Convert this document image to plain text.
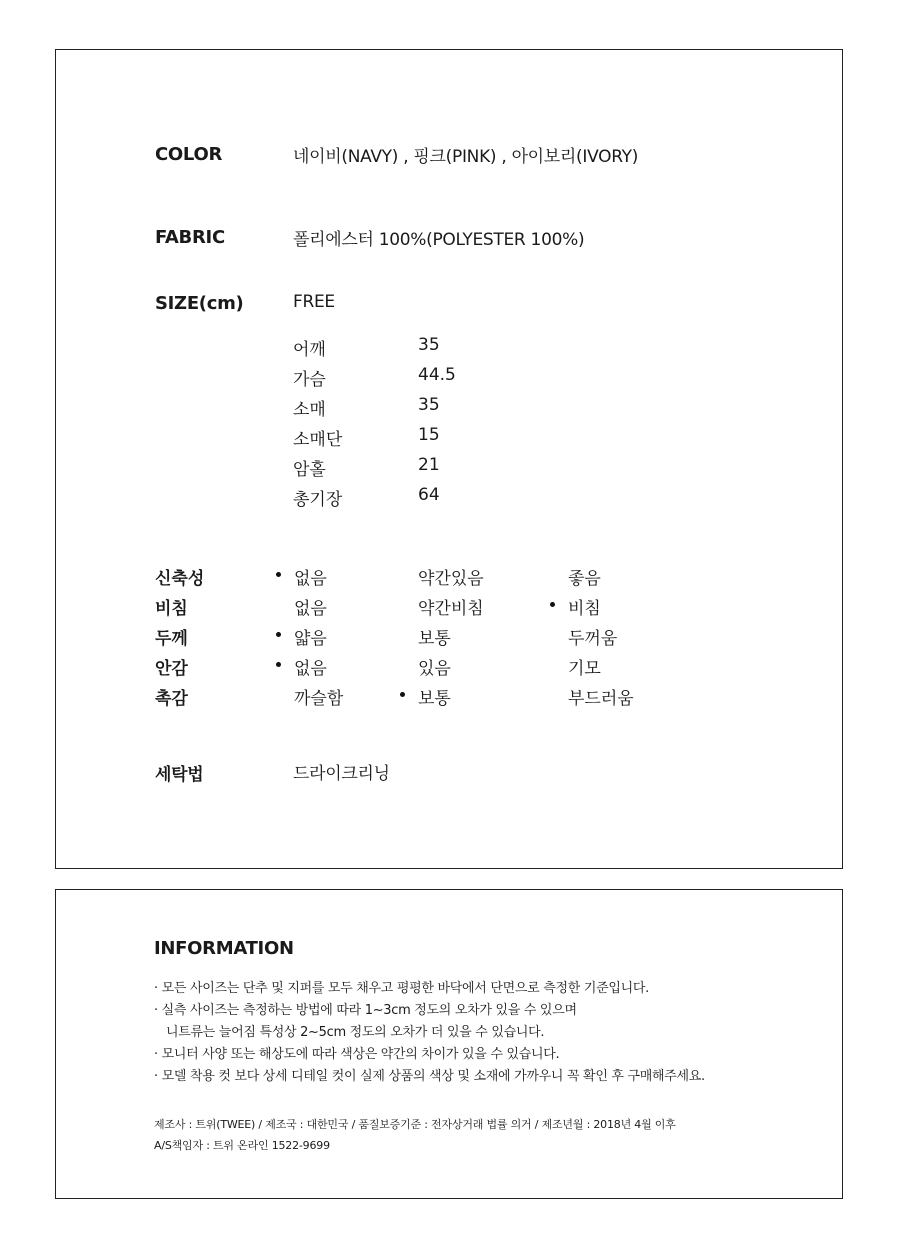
COLOR	네이비(NAVY) , 핑크(PINK) , 아이보리(IVORY)
FABRIC	폴리에스터 100%(POLYESTER 100%)
SIZE(cm)	FREE
어깨	35
가슴	44.5
소매	35
소매단	15
암홀	21
총기장	64
신축성	없음	약간있음	좋음
비침	없음	약간비침	비침
두께	얇음	보통	두꺼움
안감	없음	있음	기모
촉감	까슬함	보통	부드러움
세탁법	드라이크리닝
INFORMATION
· 모든 사이즈는 단추 및 지퍼를 모두 채우고 평평한 바닥에서 단면으로 측정한 기준입니다.
· 실측 사이즈는 측정하는 방법에 따라 1~3cm 정도의 오차가 있을 수 있으며
니트류는 늘어짐 특성상 2~5cm 정도의 오차가 더 있을 수 있습니다.
· 모니터 사양 또는 해상도에 따라 색상은 약간의 차이가 있을 수 있습니다.
· 모델 착용 컷 보다 상세 디테일 컷이 실제 상품의 색상 및 소재에 가까우니 꼭 확인 후 구매해주세요.
제조사 : 트위(TWEE) / 제조국 : 대한민국 / 품질보증기준 : 전자상거래 법률 의거 / 제조년월 : 2018년 4월 이후
A/S책임자 : 트위 온라인 1522-9699
